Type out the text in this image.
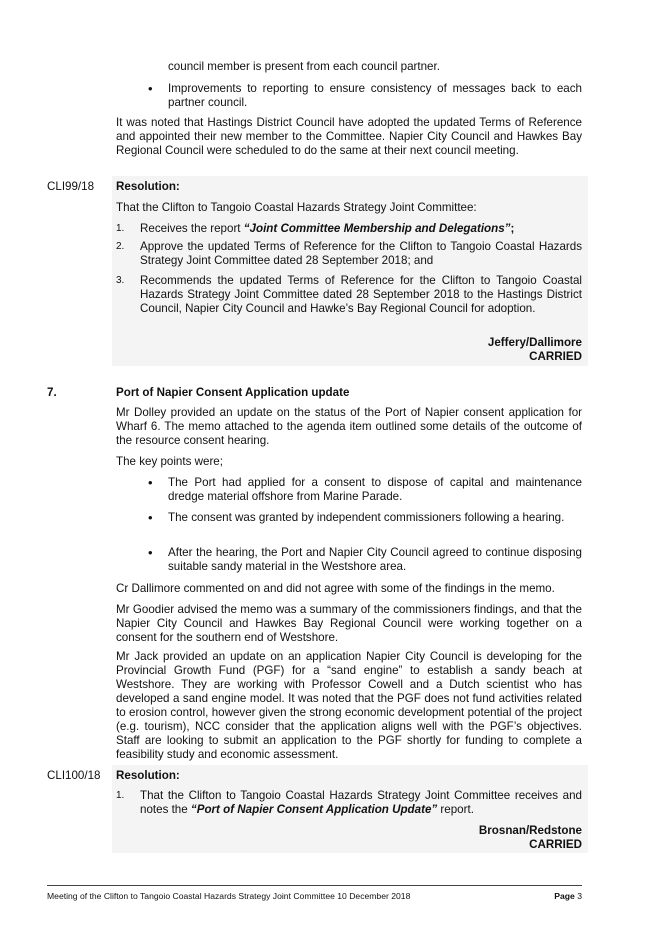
council member is present from each council partner.

• Improvements to reporting to ensure consistency of messages back to each partner council.

It was noted that Hastings District Council have adopted the updated Terms of Reference and appointed their new member to the Committee. Napier City Council and Hawkes Bay Regional Council were scheduled to do the same at their next council meeting.

CLI99/18 Resolution:
That the Clifton to Tangoio Coastal Hazards Strategy Joint Committee:
1. Receives the report “Joint Committee Membership and Delegations”;

2. Approve the updated Terms of Reference for the Clifton to Tangoio Coastal Hazards Strategy Joint Committee dated 28 September 2018; and

3. Recommends the updated Terms of Reference for the Clifton to Tangoio Coastal Hazards Strategy Joint Committee dated 28 September 2018 to the Hastings District Council, Napier City Council and Hawke’s Bay Regional Council for adoption.

Jeffery/Dallimore
CARRIED
7.	Port of Napier Consent Application update

Mr Dolley provided an update on the status of the Port of Napier consent application for Wharf 6. The memo attached to the agenda item outlined some details of the outcome of the resource consent hearing.

The key points were;

• The Port had applied for a consent to dispose of capital and maintenance dredge material offshore from Marine Parade.

• The consent was granted by independent commissioners following a hearing.

• After the hearing, the Port and Napier City Council agreed to continue disposing suitable sandy material in the Westshore area.

Cr Dallimore commented on and did not agree with some of the findings in the memo.

Mr Goodier advised the memo was a summary of the commissioners findings, and that the Napier City Council and Hawkes Bay Regional Council were working together on a consent for the southern end of Westshore.

Mr Jack provided an update on an application Napier City Council is developing for the Provincial Growth Fund (PGF) for a “sand engine” to establish a sandy beach at Westshore. They are working with Professor Cowell and a Dutch scientist who has developed a sand engine model. It was noted that the PGF does not fund activities related to erosion control, however given the strong economic development potential of the project (e.g. tourism), NCC consider that the application aligns well with the PGF’s objectives. Staff are looking to submit an application to the PGF shortly for funding to complete a feasibility study and economic assessment.

CLI100/18 Resolution:
1. That the Clifton to Tangoio Coastal Hazards Strategy Joint Committee receives and notes the “Port of Napier Consent Application Update” report.

Brosnan/Redstone
CARRIED
Meeting of the Clifton to Tangoio Coastal Hazards Strategy Joint Committee 10 December 2018	Page 3
